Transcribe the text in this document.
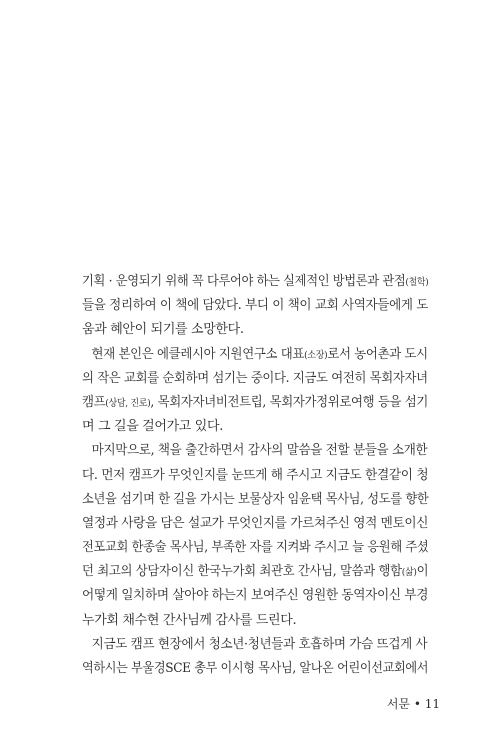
기획 · 운영되기 위해 꼭 다루어야 하는 실제적인 방법론과 관점(철학)
들을 정리하여 이 책에 담았다. 부디 이 책이 교회 사역자들에게 도
움과 혜안이 되기를 소망한다.
현재 본인은 에클레시아 지원연구소 대표(소장)로서 농어촌과 도시
의 작은 교회를 순회하며 섬기는 중이다. 지금도 여전히 목회자자녀
캠프(상담, 진로), 목회자자녀비전트립, 목회자가정위로여행 등을 섬기
며 그 길을 걸어가고 있다.
마지막으로, 책을 출간하면서 감사의 말씀을 전할 분들을 소개한
다. 먼저 캠프가 무엇인지를 눈뜨게 해 주시고 지금도 한결같이 청
소년을 섬기며 한 길을 가시는 보물상자 임윤택 목사님, 성도를 향한
열정과 사랑을 담은 설교가 무엇인지를 가르쳐주신 영적 멘토이신
전포교회 한종술 목사님, 부족한 자를 지켜봐 주시고 늘 응원해 주셨
던 최고의 상담자이신 한국누가회 최관호 간사님, 말씀과 행함(삶)이
어떻게 일치하며 살아야 하는지 보여주신 영원한 동역자이신 부경
누가회 채수현 간사님께 감사를 드린다.
지금도 캠프 현장에서 청소년·청년들과 호흡하며 가슴 뜨겁게 사
역하시는 부울경SCE 총무 이시형 목사님, 알나온 어린이선교회에서
서문 • 11
